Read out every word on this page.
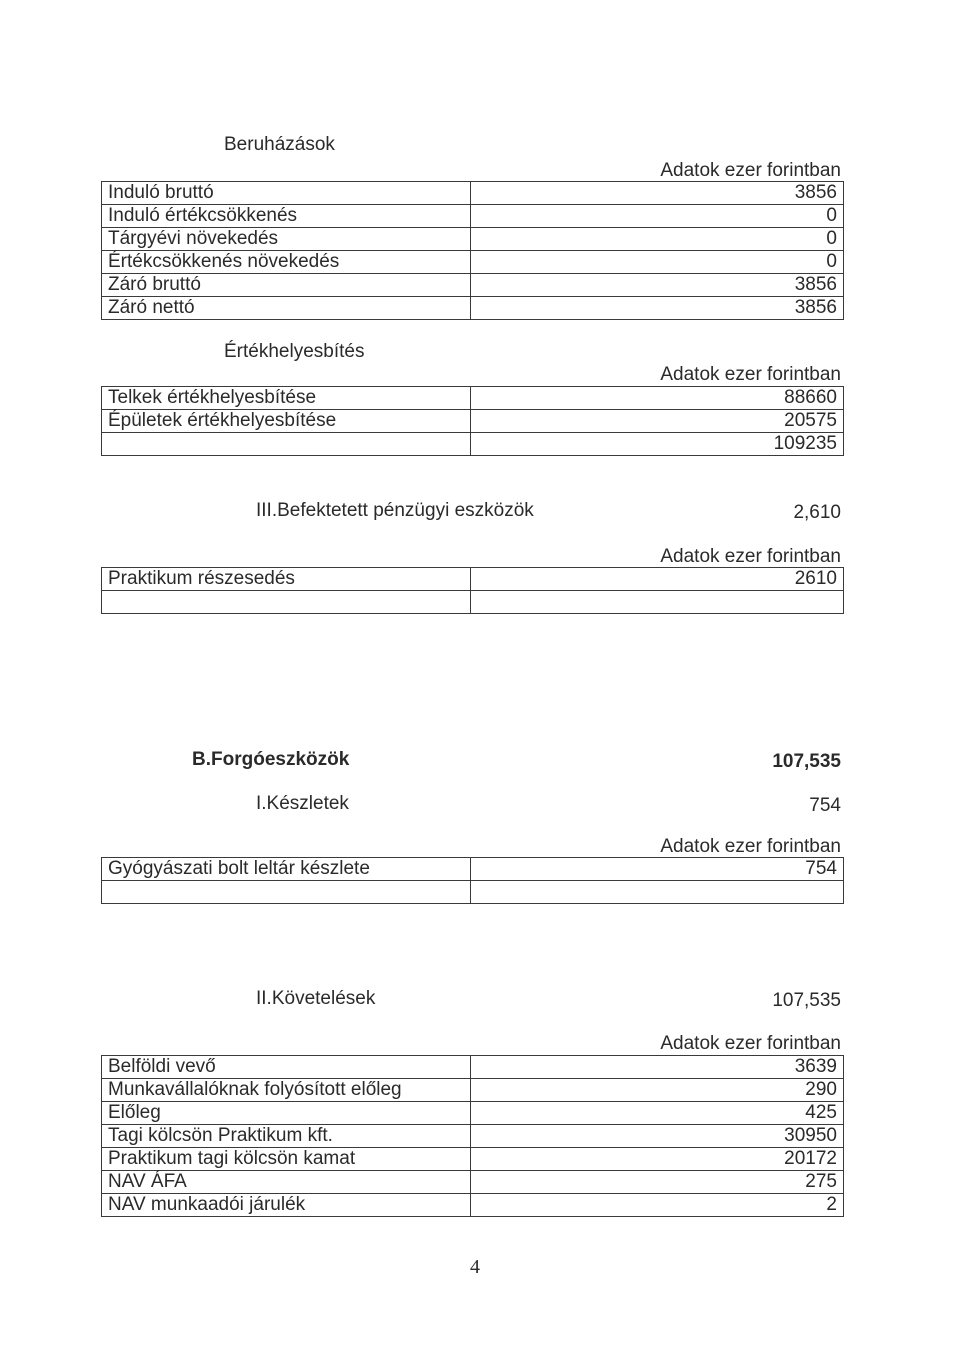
Beruházások
Adatok ezer forintban
Induló bruttó	3856
Induló értékcsökkenés	0
Tárgyévi növekedés	0
Értékcsökkenés növekedés	0
Záró bruttó	3856
Záró nettó	3856
Értékhelyesbítés
Adatok ezer forintban
Telkek értékhelyesbítése	88660
Épületek értékhelyesbítése	20575
	109235
III.Befektetett pénzügyi eszközök	2,610
Adatok ezer forintban
Praktikum részesedés	2610

B.Forgóeszközök	107,535
I.Készletek	754
Adatok ezer forintban
Gyógyászati bolt leltár készlete	754

II.Követelések	107,535
Adatok ezer forintban
Belföldi vevő	3639
Munkavállalóknak folyósított előleg	290
Előleg	425
Tagi kölcsön Praktikum kft.	30950
Praktikum tagi kölcsön kamat	20172
NAV ÁFA	275
NAV munkaadói járulék	2
4
